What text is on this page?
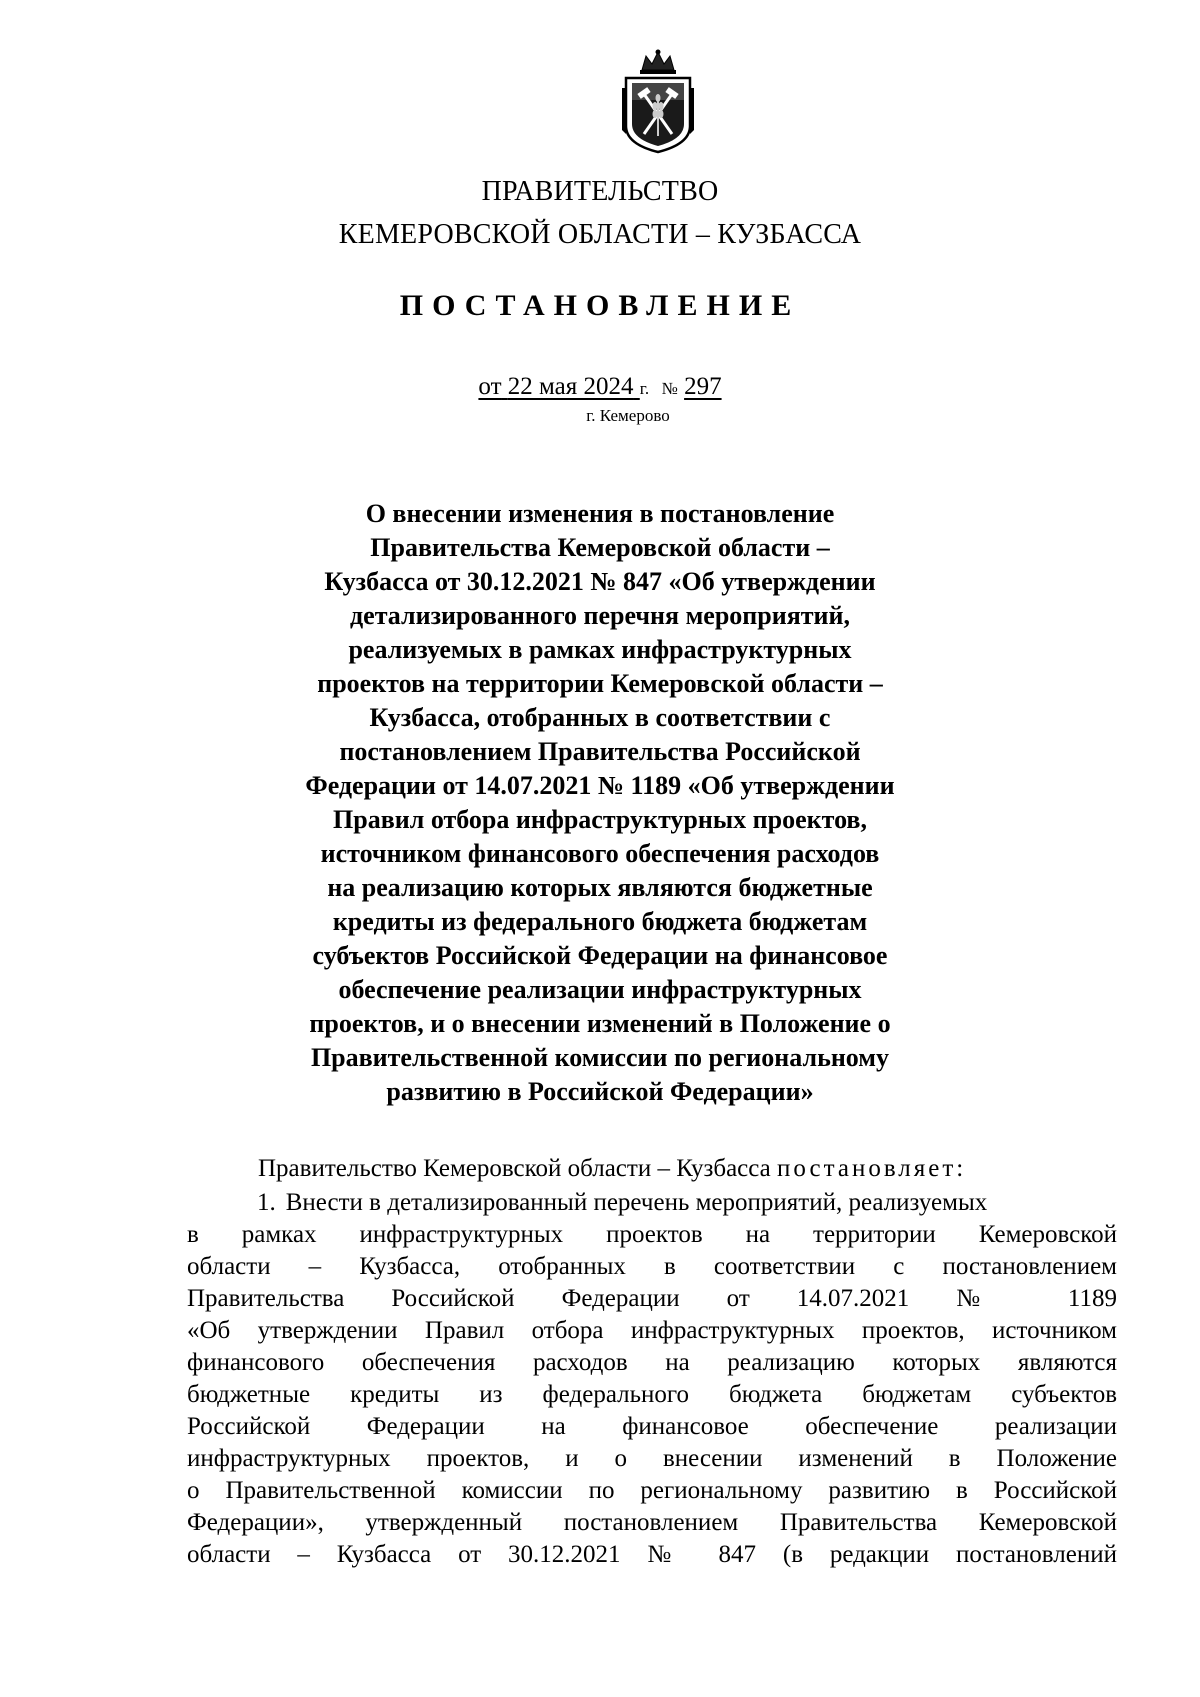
ПРАВИТЕЛЬСТВО
КЕМЕРОВСКОЙ ОБЛАСТИ – КУЗБАССА
ПОСТАНОВЛЕНИЕ
от 22 мая 2024 г. № 297
г. Кемерово
О внесении изменения в постановление
Правительства Кемеровской области –
Кузбасса от 30.12.2021 № 847 «Об утверждении
детализированного перечня мероприятий,
реализуемых в рамках инфраструктурных
проектов на территории Кемеровской области –
Кузбасса, отобранных в соответствии с
постановлением Правительства Российской
Федерации от 14.07.2021 № 1189 «Об утверждении
Правил отбора инфраструктурных проектов,
источником финансового обеспечения расходов
на реализацию которых являются бюджетные
кредиты из федерального бюджета бюджетам
субъектов Российской Федерации на финансовое
обеспечение реализации инфраструктурных
проектов, и о внесении изменений в Положение о
Правительственной комиссии по региональному
развитию в Российской Федерации»
Правительство Кемеровской области – Кузбасса постановляет:
1. Внести в детализированный перечень мероприятий, реализуемых
в рамках инфраструктурных проектов на территории Кемеровской
области – Кузбасса, отобранных в соответствии с постановлением
Правительства Российской Федерации от 14.07.2021 № 1189
«Об утверждении Правил отбора инфраструктурных проектов, источником
финансового обеспечения расходов на реализацию которых являются
бюджетные кредиты из федерального бюджета бюджетам субъектов
Российской Федерации на финансовое обеспечение реализации
инфраструктурных проектов, и о внесении изменений в Положение
о Правительственной комиссии по региональному развитию в Российской
Федерации», утвержденный постановлением Правительства Кемеровской
области – Кузбасса от 30.12.2021 № 847 (в редакции постановлений
